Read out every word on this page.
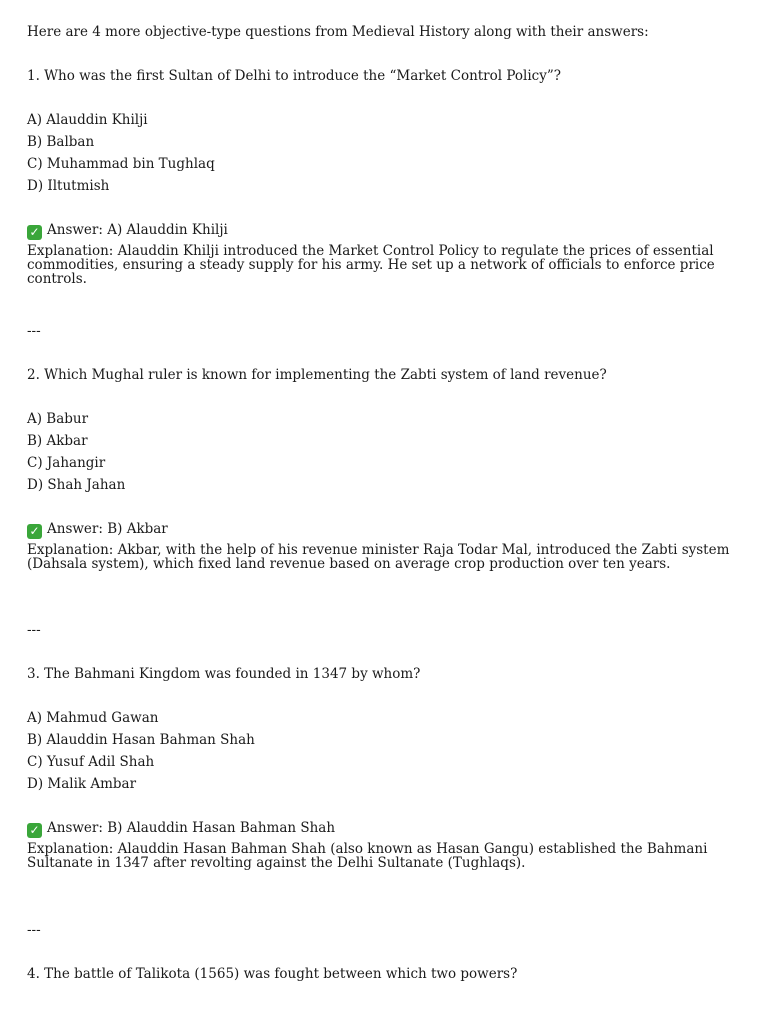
Here are 4 more objective-type questions from Medieval History along with their answers:
1. Who was the first Sultan of Delhi to introduce the “Market Control Policy”?
A) Alauddin Khilji
B) Balban
C) Muhammad bin Tughlaq
D) Iltutmish
✓ Answer: A) Alauddin Khilji
Explanation: Alauddin Khilji introduced the Market Control Policy to regulate the prices of essential commodities, ensuring a steady supply for his army. He set up a network of officials to enforce price controls.
---
2. Which Mughal ruler is known for implementing the Zabti system of land revenue?
A) Babur
B) Akbar
C) Jahangir
D) Shah Jahan
✓ Answer: B) Akbar
Explanation: Akbar, with the help of his revenue minister Raja Todar Mal, introduced the Zabti system (Dahsala system), which fixed land revenue based on average crop production over ten years.
---
3. The Bahmani Kingdom was founded in 1347 by whom?
A) Mahmud Gawan
B) Alauddin Hasan Bahman Shah
C) Yusuf Adil Shah
D) Malik Ambar
✓ Answer: B) Alauddin Hasan Bahman Shah
Explanation: Alauddin Hasan Bahman Shah (also known as Hasan Gangu) established the Bahmani Sultanate in 1347 after revolting against the Delhi Sultanate (Tughlaqs).
---
4. The battle of Talikota (1565) was fought between which two powers?
